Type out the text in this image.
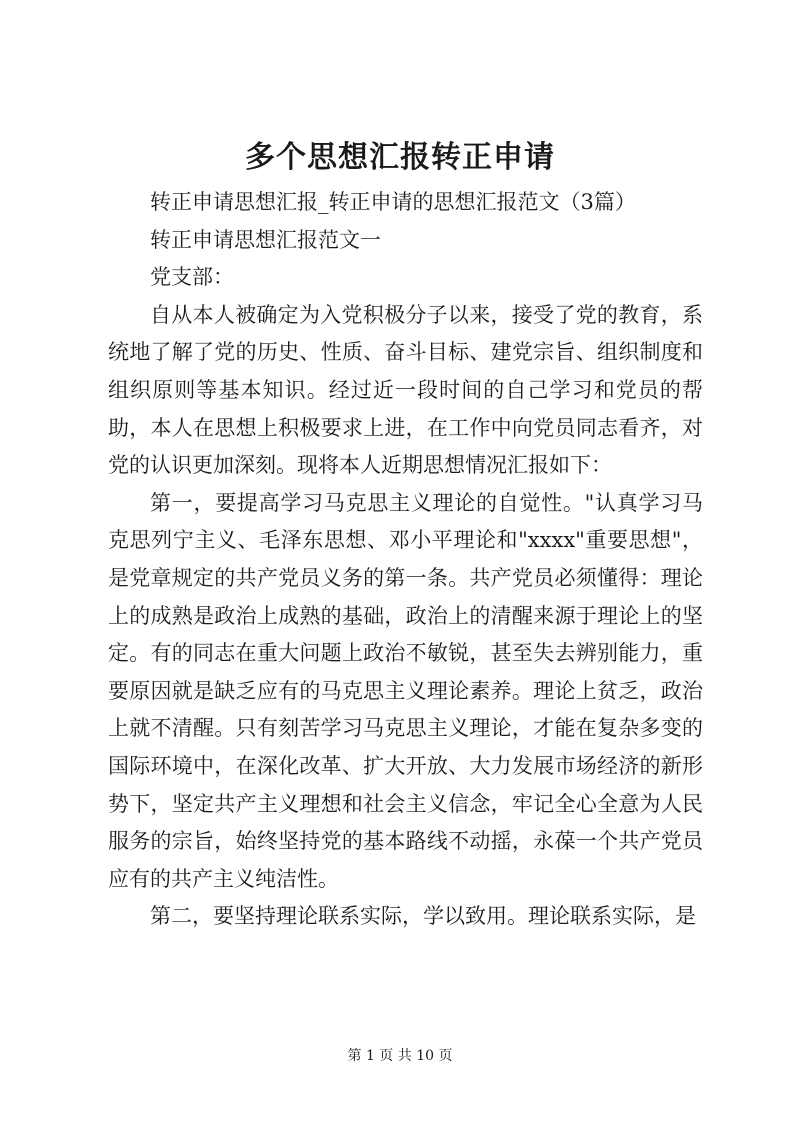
多个思想汇报转正申请

转正申请思想汇报_转正申请的思想汇报范文（3篇）

转正申请思想汇报范文一

党支部：

自从本人被确定为入党积极分子以来，接受了党的教育，系统地了解了党的历史、性质、奋斗目标、建党宗旨、组织制度和组织原则等基本知识。经过近一段时间的自己学习和党员的帮助，本人在思想上积极要求上进，在工作中向党员同志看齐，对党的认识更加深刻。现将本人近期思想情况汇报如下：

第一，要提高学习马克思主义理论的自觉性。"认真学习马克思列宁主义、毛泽东思想、邓小平理论和"xxxx"重要思想"，是党章规定的共产党员义务的第一条。共产党员必须懂得：理论上的成熟是政治上成熟的基础，政治上的清醒来源于理论上的坚定。有的同志在重大问题上政治不敏锐，甚至失去辨别能力，重要原因就是缺乏应有的马克思主义理论素养。理论上贫乏，政治上就不清醒。只有刻苦学习马克思主义理论，才能在复杂多变的国际环境中，在深化改革、扩大开放、大力发展市场经济的新形势下，坚定共产主义理想和社会主义信念，牢记全心全意为人民服务的宗旨，始终坚持党的基本路线不动摇，永葆一个共产党员应有的共产主义纯洁性。

第二，要坚持理论联系实际，学以致用。理论联系实际，是

第 1 页 共 10 页
